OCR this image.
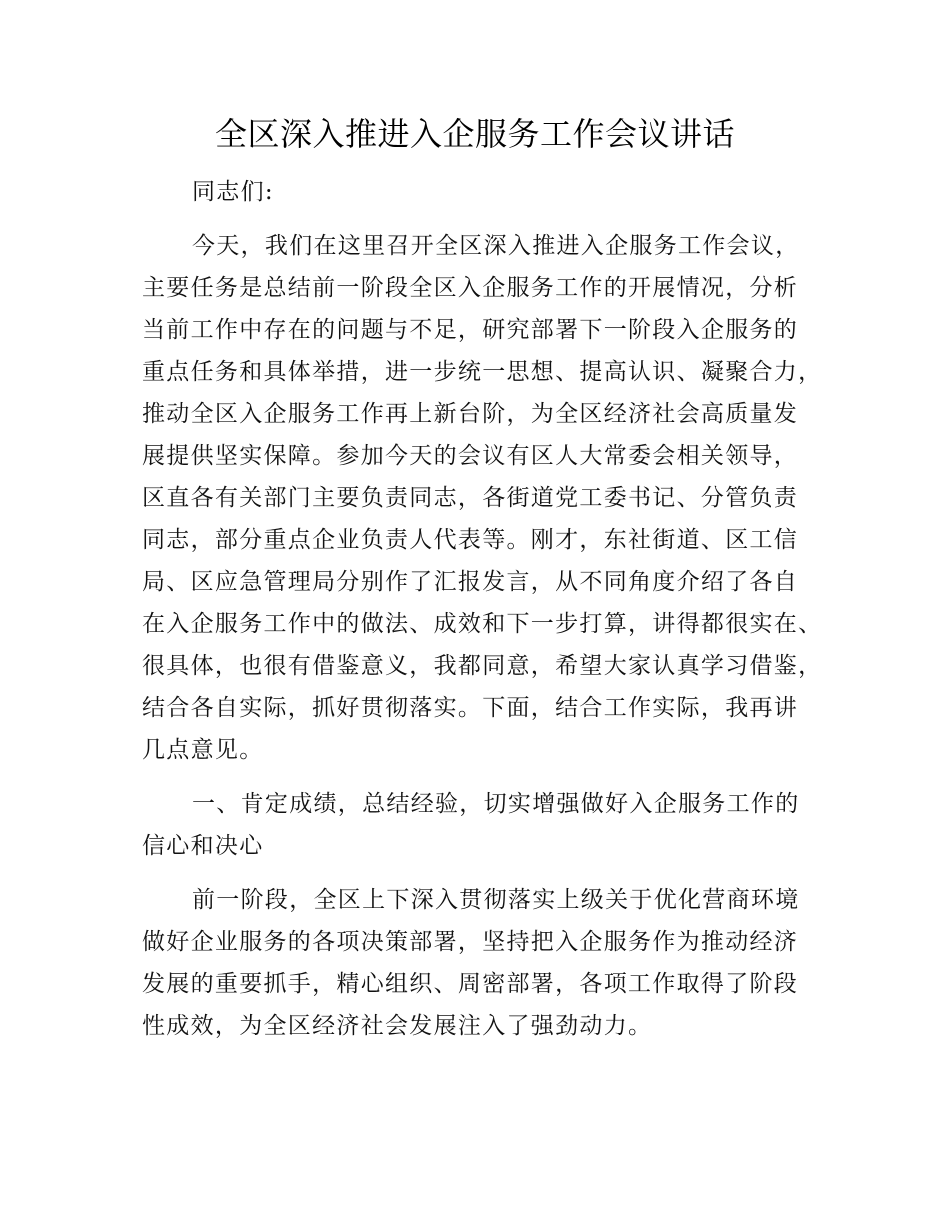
全区深入推进入企服务工作会议讲话
同志们:
今天，我们在这里召开全区深入推进入企服务工作会议，
主要任务是总结前一阶段全区入企服务工作的开展情况，分析
当前工作中存在的问题与不足，研究部署下一阶段入企服务的
重点任务和具体举措，进一步统一思想、提高认识、凝聚合力，
推动全区入企服务工作再上新台阶，为全区经济社会高质量发
展提供坚实保障。参加今天的会议有区人大常委会相关领导，
区直各有关部门主要负责同志，各街道党工委书记、分管负责
同志，部分重点企业负责人代表等。刚才，东社街道、区工信
局、区应急管理局分别作了汇报发言，从不同角度介绍了各自
在入企服务工作中的做法、成效和下一步打算，讲得都很实在、
很具体，也很有借鉴意义，我都同意，希望大家认真学习借鉴，
结合各自实际，抓好贯彻落实。下面，结合工作实际，我再讲
几点意见。
一、肯定成绩，总结经验，切实增强做好入企服务工作的
信心和决心
前一阶段，全区上下深入贯彻落实上级关于优化营商环境
做好企业服务的各项决策部署，坚持把入企服务作为推动经济
发展的重要抓手，精心组织、周密部署，各项工作取得了阶段
性成效，为全区经济社会发展注入了强劲动力。
